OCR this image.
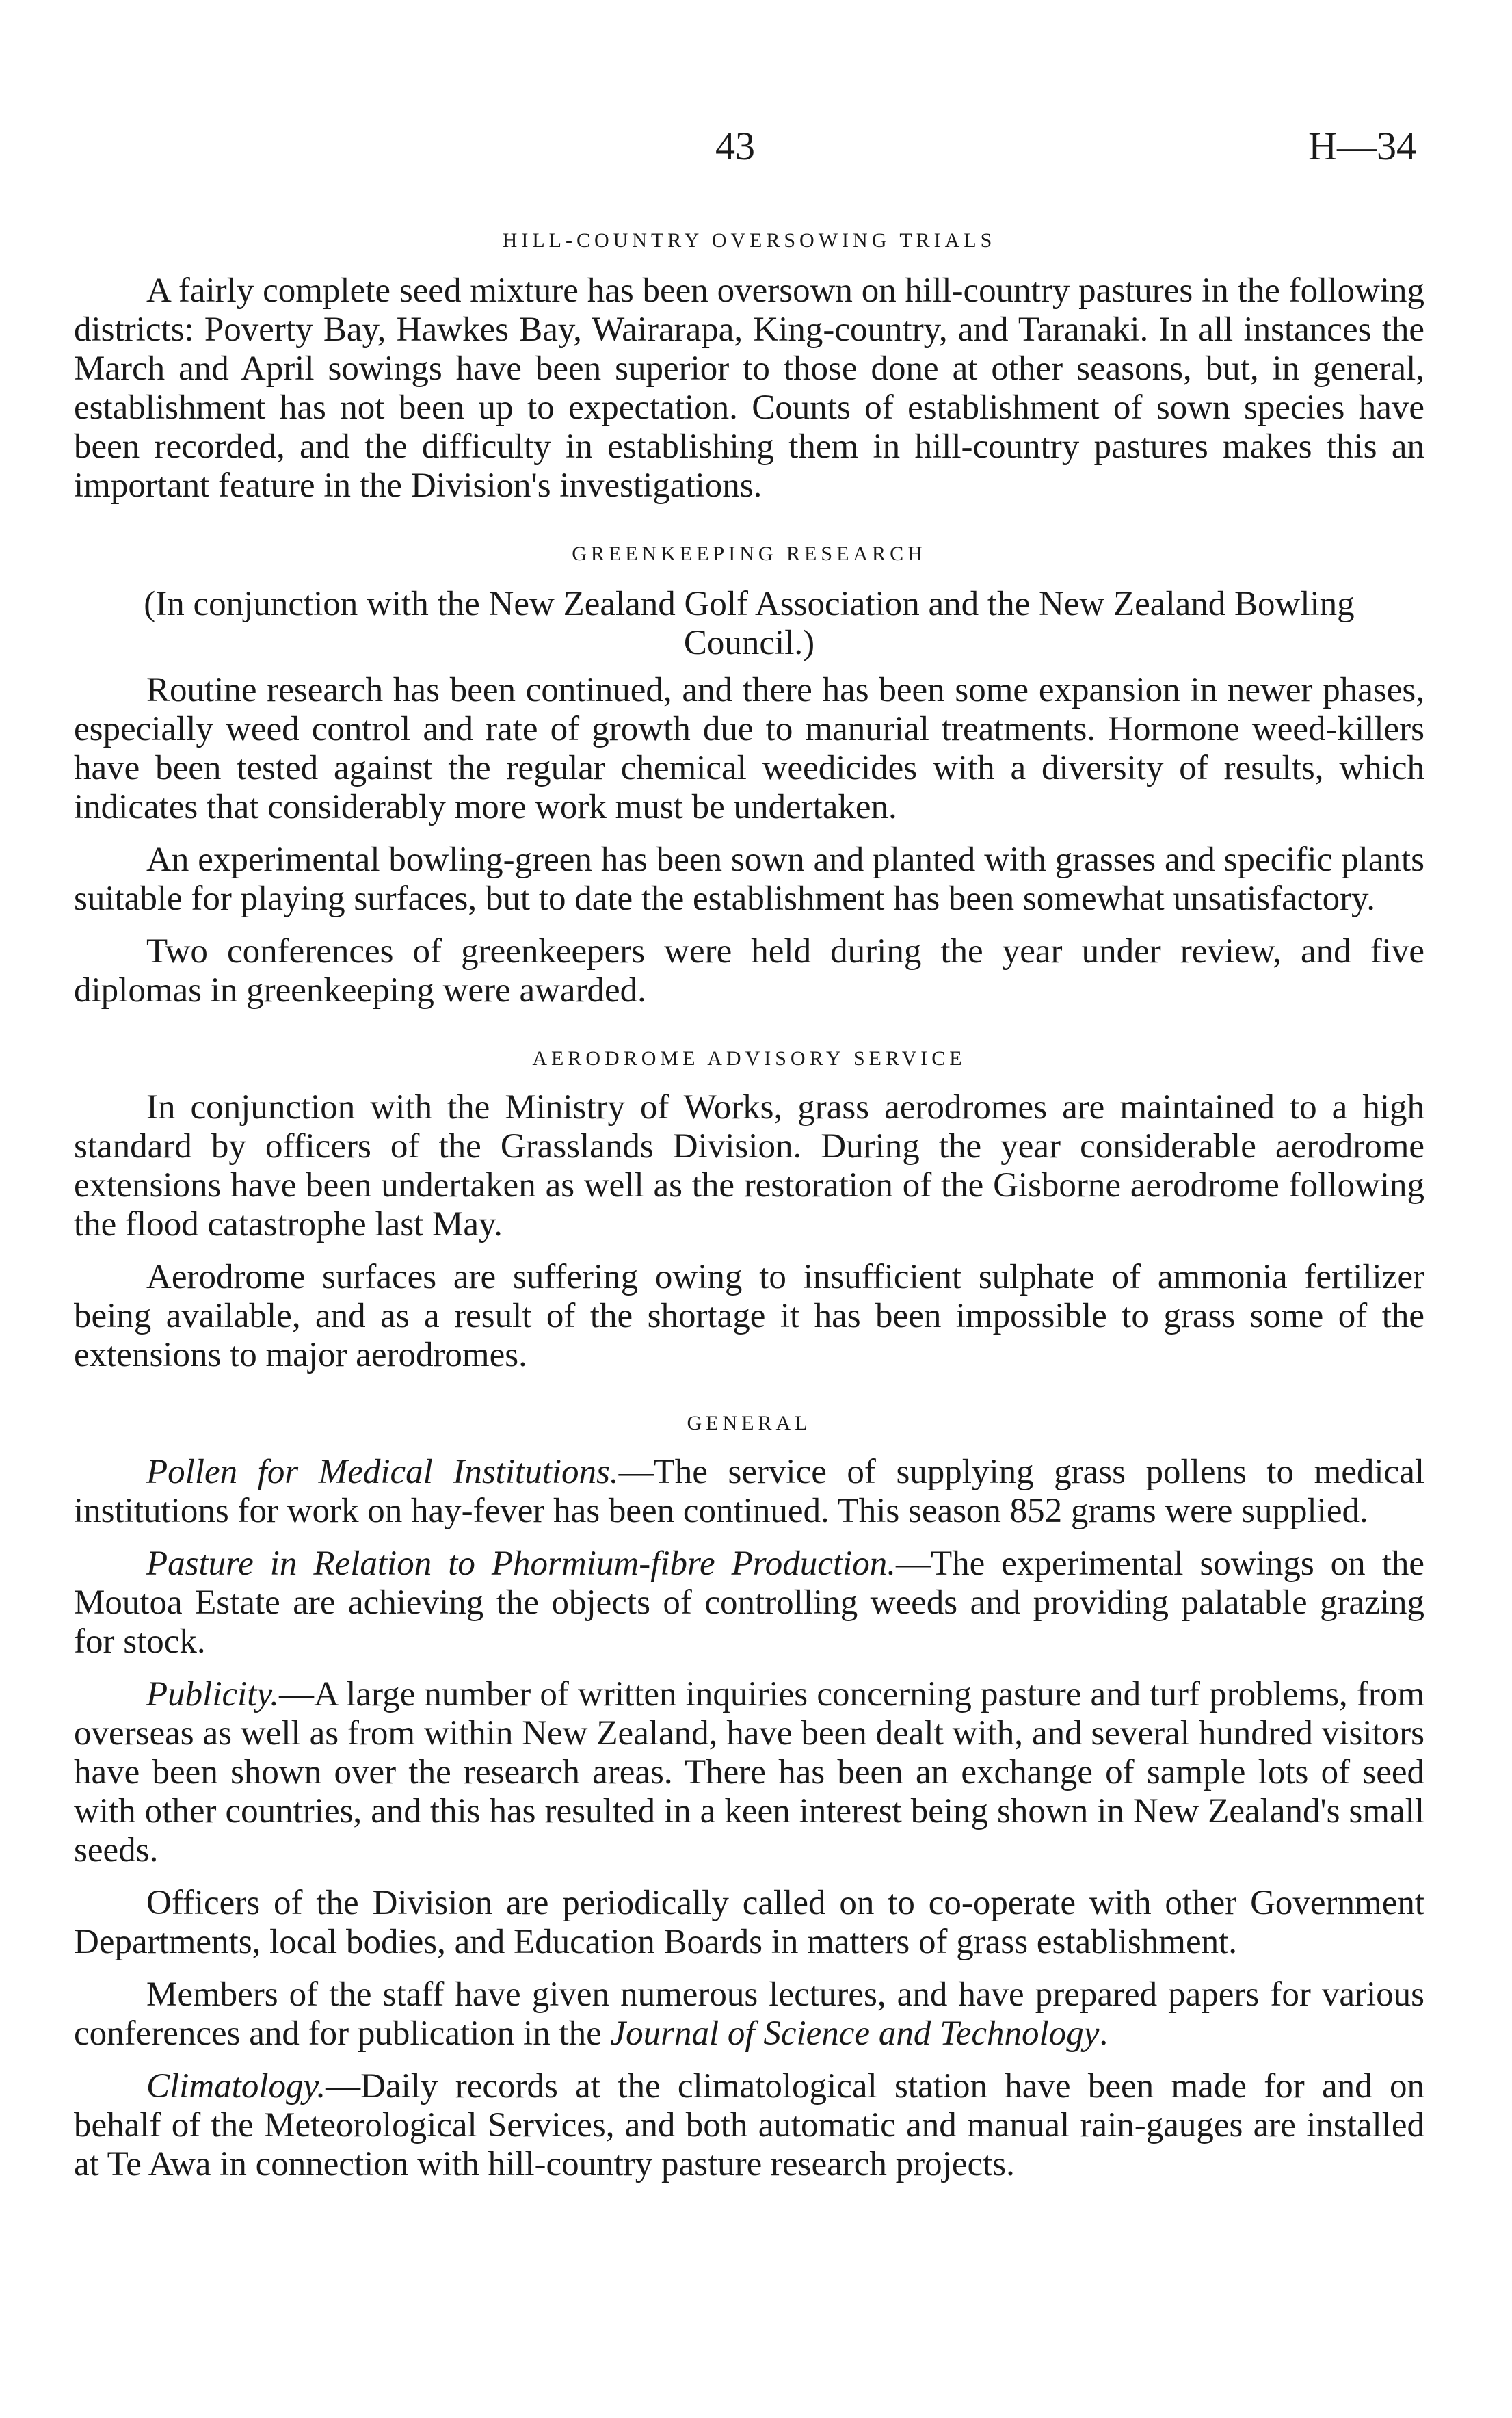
43	H—34
HILL-COUNTRY OVERSOWING TRIALS

A fairly complete seed mixture has been oversown on hill-country pastures in the following districts: Poverty Bay, Hawkes Bay, Wairarapa, King-country, and Taranaki. In all instances the March and April sowings have been superior to those done at other seasons, but, in general, establishment has not been up to expectation. Counts of establishment of sown species have been recorded, and the difficulty in establishing them in hill-country pastures makes this an important feature in the Division's investigations.

GREENKEEPING RESEARCH

(In conjunction with the New Zealand Golf Association and the New Zealand Bowling Council.)

Routine research has been continued, and there has been some expansion in newer phases, especially weed control and rate of growth due to manurial treatments. Hormone weed-killers have been tested against the regular chemical weedicides with a diversity of results, which indicates that considerably more work must be undertaken.

An experimental bowling-green has been sown and planted with grasses and specific plants suitable for playing surfaces, but to date the establishment has been somewhat unsatisfactory.

Two conferences of greenkeepers were held during the year under review, and five diplomas in greenkeeping were awarded.

AERODROME ADVISORY SERVICE

In conjunction with the Ministry of Works, grass aerodromes are maintained to a high standard by officers of the Grasslands Division. During the year considerable aerodrome extensions have been undertaken as well as the restoration of the Gisborne aerodrome following the flood catastrophe last May.

Aerodrome surfaces are suffering owing to insufficient sulphate of ammonia fertilizer being available, and as a result of the shortage it has been impossible to grass some of the extensions to major aerodromes.

GENERAL

Pollen for Medical Institutions.—The service of supplying grass pollens to medical institutions for work on hay-fever has been continued. This season 852 grams were supplied.

Pasture in Relation to Phormium-fibre Production.—The experimental sowings on the Moutoa Estate are achieving the objects of controlling weeds and providing palatable grazing for stock.

Publicity.—A large number of written inquiries concerning pasture and turf problems, from overseas as well as from within New Zealand, have been dealt with, and several hundred visitors have been shown over the research areas. There has been an exchange of sample lots of seed with other countries, and this has resulted in a keen interest being shown in New Zealand's small seeds.

Officers of the Division are periodically called on to co-operate with other Government Departments, local bodies, and Education Boards in matters of grass establishment.

Members of the staff have given numerous lectures, and have prepared papers for various conferences and for publication in the Journal of Science and Technology.

Climatology.—Daily records at the climatological station have been made for and on behalf of the Meteorological Services, and both automatic and manual rain-gauges are installed at Te Awa in connection with hill-country pasture research projects.
